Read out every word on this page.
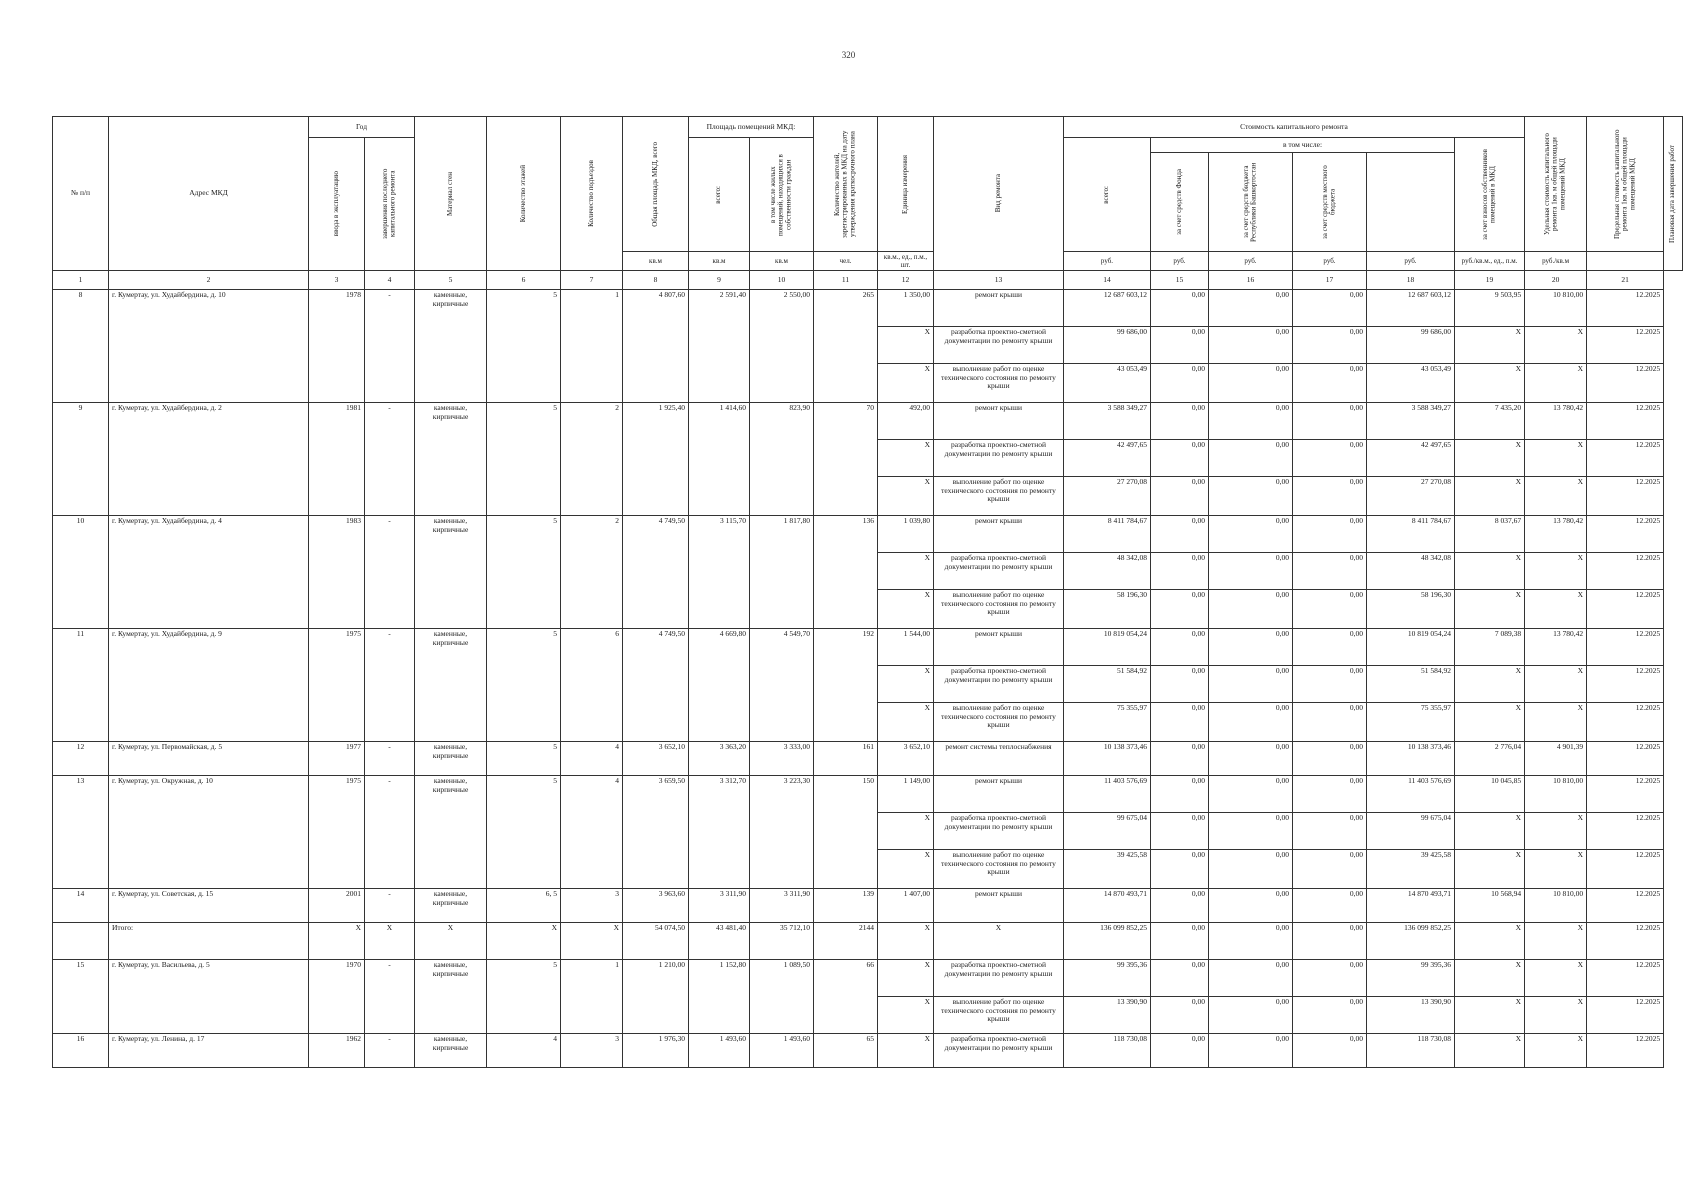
320
№ п/п	Адрес МКД	Год		Материал стен	Количество этажей	Количество подъездов	Общая площадь МКД, всего	Площадь помещений МКД:		Количество жителей, зарегистрированных в МКД на дату утверждения краткосрочного плана	Единица измерения	Вид ремонта	Стоимость капитального ремонта						Удельная стоимость капитального ремонта 1кв. м общей площади помещений МКД	Предельная стоимость капитального ремонта 1кв. м общей площади помещений МКД	Плановая дата завершения работ

		ввода в эксплуатацию	завершения последнего капитального ремонта					всего:	в том числе жилых помещений, находящихся в собственности граждан				всего:	в том числе:				за счет взносов собственников помещений в МКД			

														за счет средств Фонда	за счет средств бюджета Республики Башкортостан	за счет средств местного бюджета					

							кв.м	кв.м	кв.м	чел.	кв.м., ед., п.м., шт.		руб.	руб.	руб.	руб.	руб.	руб./кв.м., ед., п.м.	руб./кв.м		
1	2	3	4	5	6	7	8	9	10	11	12	13	14	15	16	17	18	19	20	21	
8	г. Кумертау, ул. Худайбердина, д. 10	1978	-	каменные, кирпичные	5	1	4 807,60	2 591,40	2 550,00	265	1 350,00	ремонт крыши	12 687 603,12	0,00	0,00	0,00	12 687 603,12	9 503,95	10 810,00	12.2025	
											X	разработка проектно-сметной документации по ремонту крыши	99 686,00	0,00	0,00	0,00	99 686,00	X	X	12.2025	
											X	выполнение работ по оценке технического состояния по ремонту крыши	43 053,49	0,00	0,00	0,00	43 053,49	X	X	12.2025	
9	г. Кумертау, ул. Худайбердина, д. 2	1981	-	каменные, кирпичные	5	2	1 925,40	1 414,60	823,90	70	492,00	ремонт крыши	3 588 349,27	0,00	0,00	0,00	3 588 349,27	7 435,20	13 780,42	12.2025	
											X	разработка проектно-сметной документации по ремонту крыши	42 497,65	0,00	0,00	0,00	42 497,65	X	X	12.2025	
											X	выполнение работ по оценке технического состояния по ремонту крыши	27 270,08	0,00	0,00	0,00	27 270,08	X	X	12.2025	
10	г. Кумертау, ул. Худайбердина, д. 4	1983	-	каменные, кирпичные	5	2	4 749,50	3 115,70	1 817,80	136	1 039,80	ремонт крыши	8 411 784,67	0,00	0,00	0,00	8 411 784,67	8 037,67	13 780,42	12.2025	
											X	разработка проектно-сметной документации по ремонту крыши	48 342,08	0,00	0,00	0,00	48 342,08	X	X	12.2025	
											X	выполнение работ по оценке технического состояния по ремонту крыши	58 196,30	0,00	0,00	0,00	58 196,30	X	X	12.2025	
11	г. Кумертау, ул. Худайбердина, д. 9	1975	-	каменные, кирпичные	5	6	4 749,50	4 669,80	4 549,70	192	1 544,00	ремонт крыши	10 819 054,24	0,00	0,00	0,00	10 819 054,24	7 089,38	13 780,42	12.2025	
											X	разработка проектно-сметной документации по ремонту крыши	51 584,92	0,00	0,00	0,00	51 584,92	X	X	12.2025	
											X	выполнение работ по оценке технического состояния по ремонту крыши	75 355,97	0,00	0,00	0,00	75 355,97	X	X	12.2025	
12	г. Кумертау, ул. Первомайская, д. 5	1977	-	каменные, кирпичные	5	4	3 652,10	3 363,20	3 333,00	161	3 652,10	ремонт системы теплоснабжения	10 138 373,46	0,00	0,00	0,00	10 138 373,46	2 776,04	4 901,39	12.2025	
13	г. Кумертау, ул. Окружная, д. 10	1975	-	каменные, кирпичные	5	4	3 659,50	3 312,70	3 223,30	150	1 149,00	ремонт крыши	11 403 576,69	0,00	0,00	0,00	11 403 576,69	10 045,85	10 810,00	12.2025	
											X	разработка проектно-сметной документации по ремонту крыши	99 675,04	0,00	0,00	0,00	99 675,04	X	X	12.2025	
											X	выполнение работ по оценке технического состояния по ремонту крыши	39 425,58	0,00	0,00	0,00	39 425,58	X	X	12.2025	
14	г. Кумертау, ул. Советская, д. 15	2001	-	каменные, кирпичные	6, 5	3	3 963,60	3 311,90	3 311,90	139	1 407,00	ремонт крыши	14 870 493,71	0,00	0,00	0,00	14 870 493,71	10 568,94	10 810,00	12.2025	
	Итого:	X	X	X	X	X	54 074,50	43 481,40	35 712,10	2144	X	X	136 099 852,25	0,00	0,00	0,00	136 099 852,25	X	X	12.2025	
15	г. Кумертау, ул. Васильева, д. 5	1970	-	каменные, кирпичные	5	1	1 210,00	1 152,80	1 089,50	66	X	разработка проектно-сметной документации по ремонту крыши	99 395,36	0,00	0,00	0,00	99 395,36	X	X	12.2025	
											X	выполнение работ по оценке технического состояния по ремонту крыши	13 390,90	0,00	0,00	0,00	13 390,90	X	X	12.2025	
16	г. Кумертау, ул. Ленина, д. 17	1962	-	каменные, кирпичные	4	3	1 976,30	1 493,60	1 493,60	65	X	разработка проектно-сметной документации по ремонту крыши	118 730,08	0,00	0,00	0,00	118 730,08	X	X	12.2025	
